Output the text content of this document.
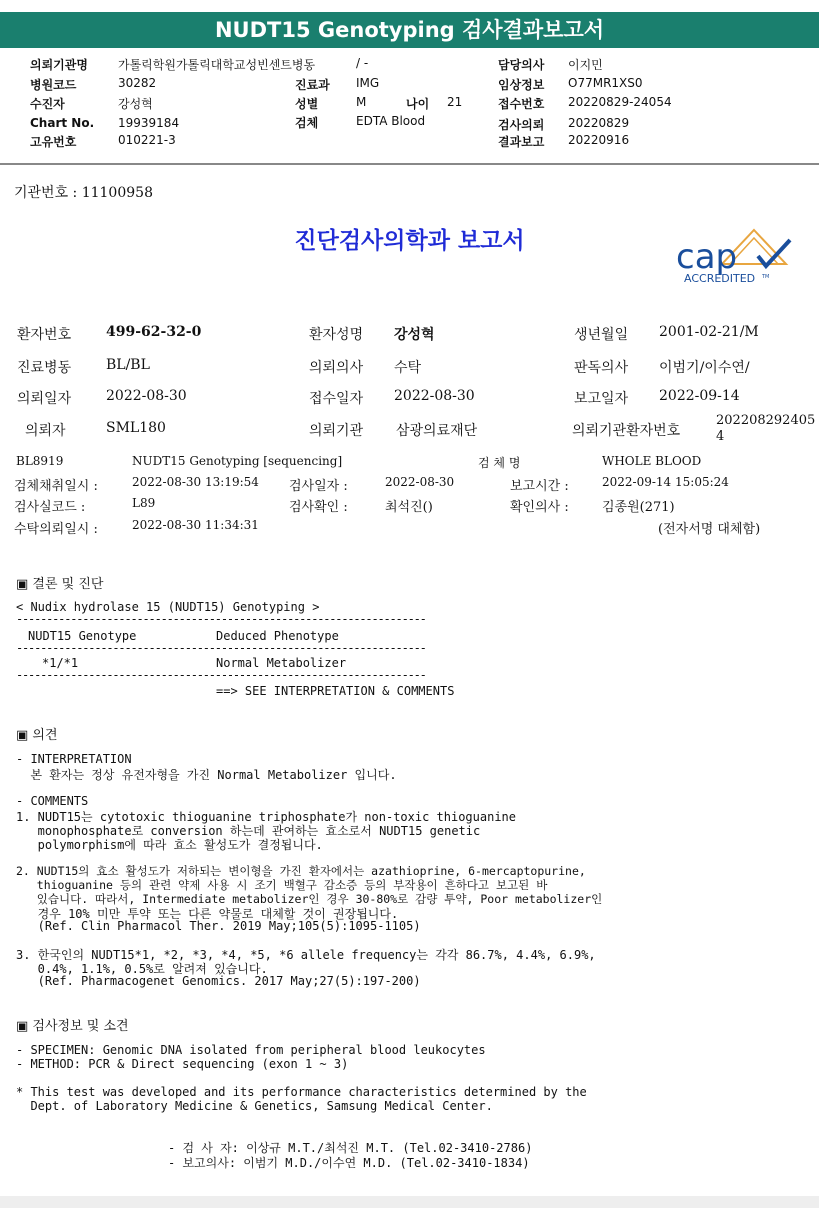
NUDT15 Genotyping 검사결과보고서
의뢰기관명	가톨릭학원가톨릭대학교성빈센트병동	/ -	담당의사 이지민
병원코드	30282	진료과 IMG	임상정보 O77MR1XS0
수진자	강성혁	성별	M	나이 21	접수번호 20220829-24054
Chart No. 19939184	검체	EDTA Blood	검사의뢰 20220829
고유번호	010221-3	결과보고 20220916
기관번호 : 11100958
진단검사의학과 보고서	cap
ACCREDITED TM
환자번호 499-62-32-0	환자성명 강성혁	생년월일 2001-02-21/M
진료병동 BL/BL	의뢰의사 수탁	판독의사 이범기/이수연/
의뢰일자 2022-08-30	접수일자 2022-08-30	보고일자 2022-09-14
의뢰자	SML180	의뢰기관 삼광의료재단	의뢰기관환자번호
202208292405
4
BL8919	NUDT15 Genotyping [sequencing]	검 체 명	WHOLE BLOOD
검체채취일시 :	2022-08-30 13:19:54 검사일자 :	2022-08-30	보고시간 :	2022-09-14 15:05:24
검사실코드 :	L89	검사확인 :	최석진()	확인의사 :	김종원(271)
수탁의뢰일시 :	2022-08-30 11:34:31	(전자서명 대체함)
▣ 결론 및 진단
< Nudix hydrolase 15 (NUDT15) Genotyping >
--------------------------------------------------------------------
NUDT15 Genotype	Deduced Phenotype
--------------------------------------------------------------------
*1/*1	Normal Metabolizer
--------------------------------------------------------------------
==> SEE INTERPRETATION & COMMENTS
▣ 의견
- INTERPRETATION
본 환자는 정상 유전자형을 가진 Normal Metabolizer 입니다.
- COMMENTS
1. NUDT15는 cytotoxic thioguanine triphosphate가 non-toxic thioguanine
monophosphate로 conversion 하는데 관여하는 효소로서 NUDT15 genetic
polymorphism에 따라 효소 활성도가 결정됩니다.
2. NUDT15의 효소 활성도가 저하되는 변이형을 가진 환자에서는 azathioprine, 6-mercaptopurine,
thioguanine 등의 관련 약제 사용 시 조기 백혈구 감소증 등의 부작용이 흔하다고 보고된 바
있습니다. 따라서, Intermediate metabolizer인 경우 30-80%로 감량 투약, Poor metabolizer인
경우 10% 미만 투약 또는 다른 약물로 대체할 것이 권장됩니다.
(Ref. Clin Pharmacol Ther. 2019 May;105(5):1095-1105)
3. 한국인의 NUDT15*1, *2, *3, *4, *5, *6 allele frequency는 각각 86.7%, 4.4%, 6.9%,
0.4%, 1.1%, 0.5%로 알려져 있습니다.
(Ref. Pharmacogenet Genomics. 2017 May;27(5):197-200)
▣ 검사정보 및 소견
- SPECIMEN: Genomic DNA isolated from peripheral blood leukocytes
- METHOD: PCR & Direct sequencing (exon 1 ~ 3)
* This test was developed and its performance characteristics determined by the
Dept. of Laboratory Medicine & Genetics, Samsung Medical Center.
- 검 사 자: 이상규 M.T./최석진 M.T. (Tel.02-3410-2786)
- 보고의사: 이범기 M.D./이수연 M.D. (Tel.02-3410-1834)
